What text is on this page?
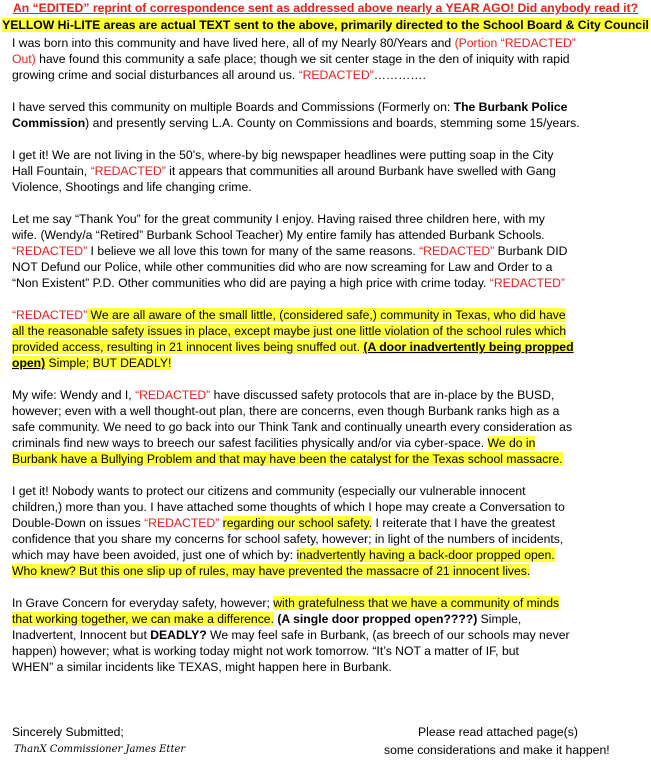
An “EDITED” reprint of correspondence sent as addressed above nearly a YEAR AGO! Did anybody read it?
YELLOW Hi-LITE areas are actual TEXT sent to the above, primarily directed to the School Board & City Council
I was born into this community and have lived here, all of my Nearly 80/Years and (Portion “REDACTED”
Out) have found this community a safe place; though we sit center stage in the den of iniquity with rapid
growing crime and social disturbances all around us. “REDACTED”………….
I have served this community on multiple Boards and Commissions (Formerly on: The Burbank Police
Commission) and presently serving L.A. County on Commissions and boards, stemming some 15/years.
I get it! We are not living in the 50’s, where-by big newspaper headlines were putting soap in the City
Hall Fountain, “REDACTED” it appears that communities all around Burbank have swelled with Gang
Violence, Shootings and life changing crime.
Let me say “Thank You” for the great community I enjoy. Having raised three children here, with my
wife. (Wendy/a “Retired” Burbank School Teacher) My entire family has attended Burbank Schools.
“REDACTED” I believe we all love this town for many of the same reasons. “REDACTED” Burbank DID
NOT Defund our Police, while other communities did who are now screaming for Law and Order to a
“Non Existent” P.D. Other communities who did are paying a high price with crime today. “REDACTED”
“REDACTED” We are all aware of the small little, (considered safe,) community in Texas, who did have
all the reasonable safety issues in place, except maybe just one little violation of the school rules which
provided access, resulting in 21 innocent lives being snuffed out. (A door inadvertently being propped
open) Simple; BUT DEADLY!
My wife: Wendy and I, “REDACTED” have discussed safety protocols that are in-place by the BUSD,
however; even with a well thought-out plan, there are concerns, even though Burbank ranks high as a
safe community. We need to go back into our Think Tank and continually unearth every consideration as
criminals find new ways to breech our safest facilities physically and/or via cyber-space. We do in
Burbank have a Bullying Problem and that may have been the catalyst for the Texas school massacre.
I get it! Nobody wants to protect our citizens and community (especially our vulnerable innocent
children,) more than you. I have attached some thoughts of which I hope may create a Conversation to
Double-Down on issues “REDACTED” regarding our school safety. I reiterate that I have the greatest
confidence that you share my concerns for school safety, however; in light of the numbers of incidents,
which may have been avoided, just one of which by: inadvertently having a back-door propped open.
Who knew? But this one slip up of rules, may have prevented the massacre of 21 innocent lives.
In Grave Concern for everyday safety, however; with gratefulness that we have a community of minds
that working together, we can make a difference. (A single door propped open????) Simple,
Inadvertent, Innocent but DEADLY? We may feel safe in Burbank, (as breech of our schools may never
happen) however; what is working today might not work tomorrow. “It’s NOT a matter of IF, but
WHEN” a similar incidents like TEXAS, might happen here in Burbank.
Sincerely Submitted;
ThanX Commissioner James Etter
Please read attached page(s)
some considerations and make it happen!
